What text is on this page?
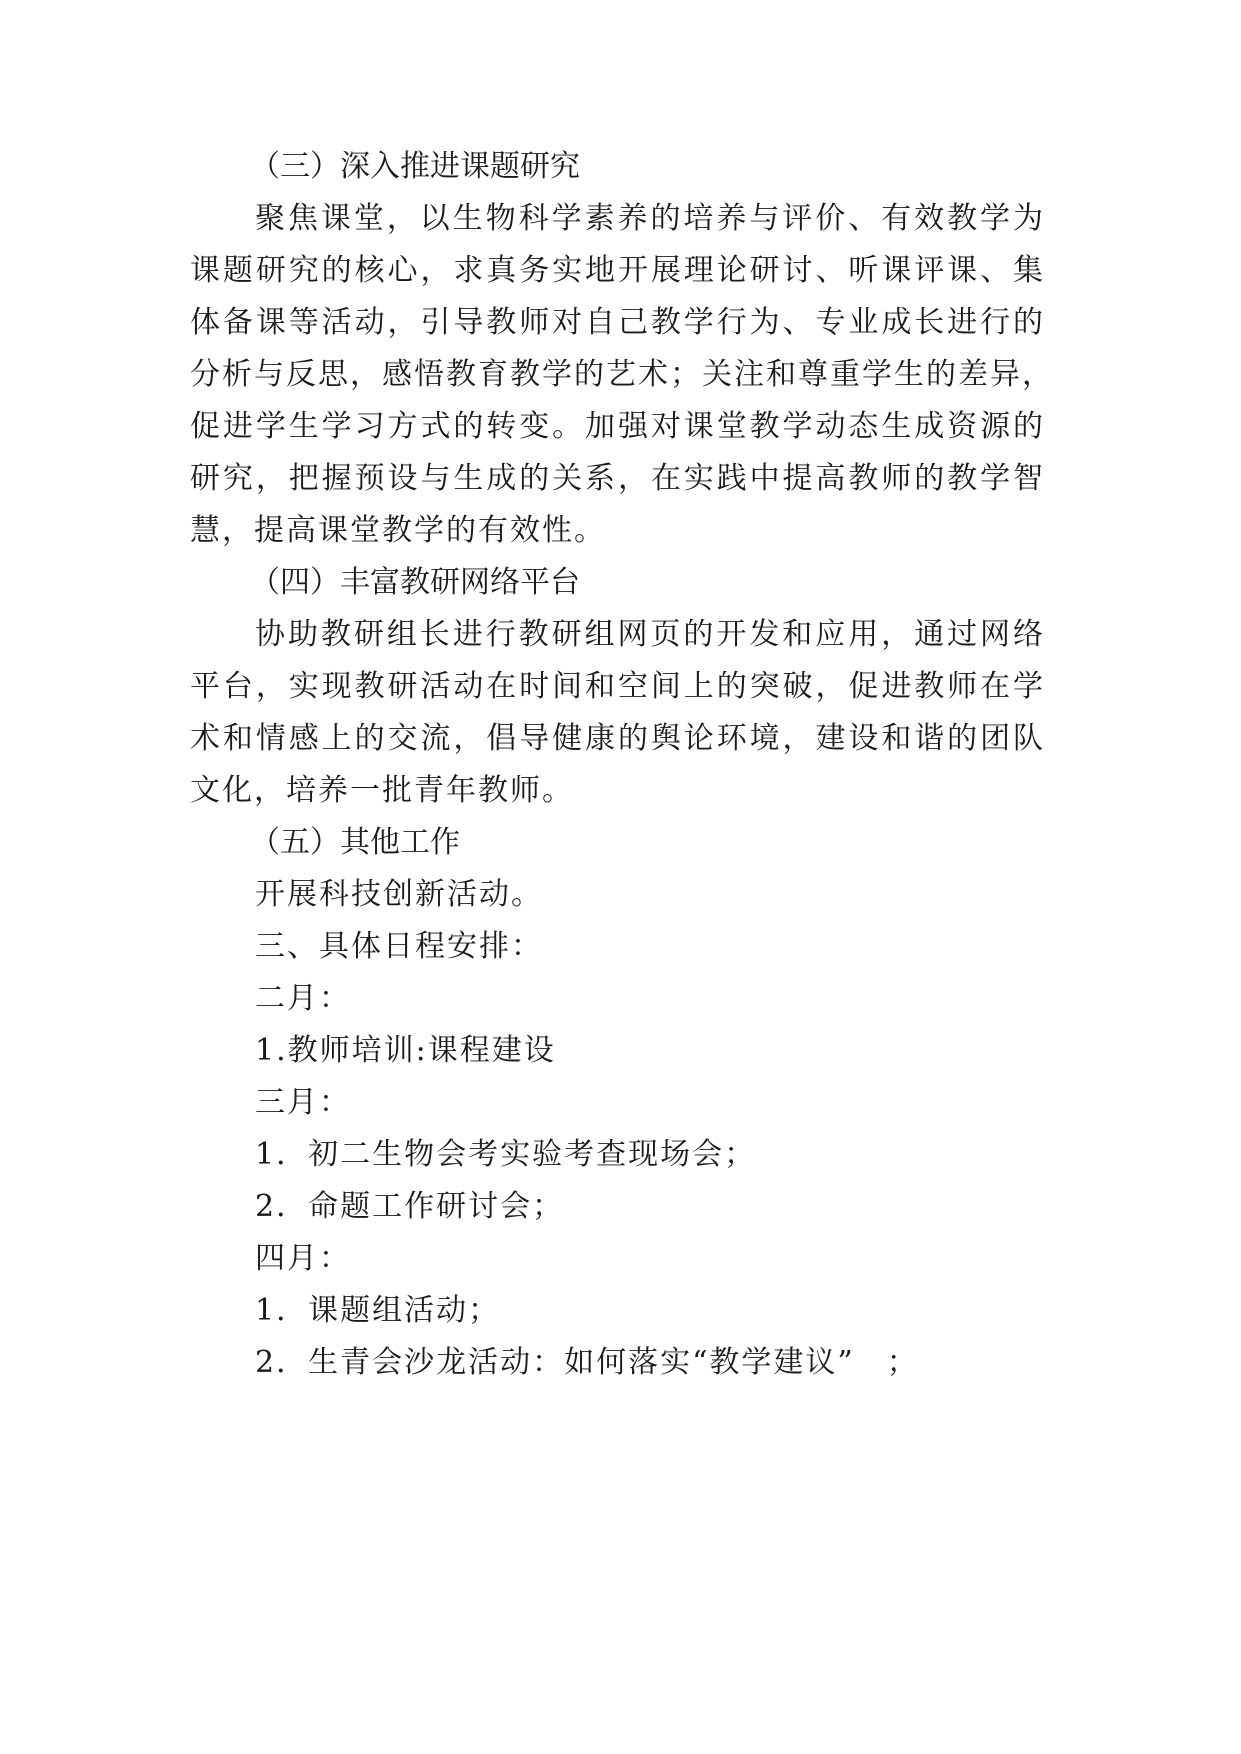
（三）深入推进课题研究

聚焦课堂，以生物科学素养的培养与评价、有效教学为

课题研究的核心，求真务实地开展理论研讨、听课评课、集

体备课等活动，引导教师对自己教学行为、专业成长进行的

分析与反思，感悟教育教学的艺术；关注和尊重学生的差异，

促进学生学习方式的转变。加强对课堂教学动态生成资源的

研究，把握预设与生成的关系，在实践中提高教师的教学智

慧，提高课堂教学的有效性。

（四）丰富教研网络平台

协助教研组长进行教研组网页的开发和应用，通过网络

平台，实现教研活动在时间和空间上的突破，促进教师在学

术和情感上的交流，倡导健康的舆论环境，建设和谐的团队

文化，培养一批青年教师。

（五）其他工作

开展科技创新活动。

三、具体日程安排：

二月：

1.教师培训:课程建设

三月：

1．初二生物会考实验考查现场会；

2．命题工作研讨会；

四月：

1．课题组活动；

2．生青会沙龙活动：如何落实“教学建议”　；
